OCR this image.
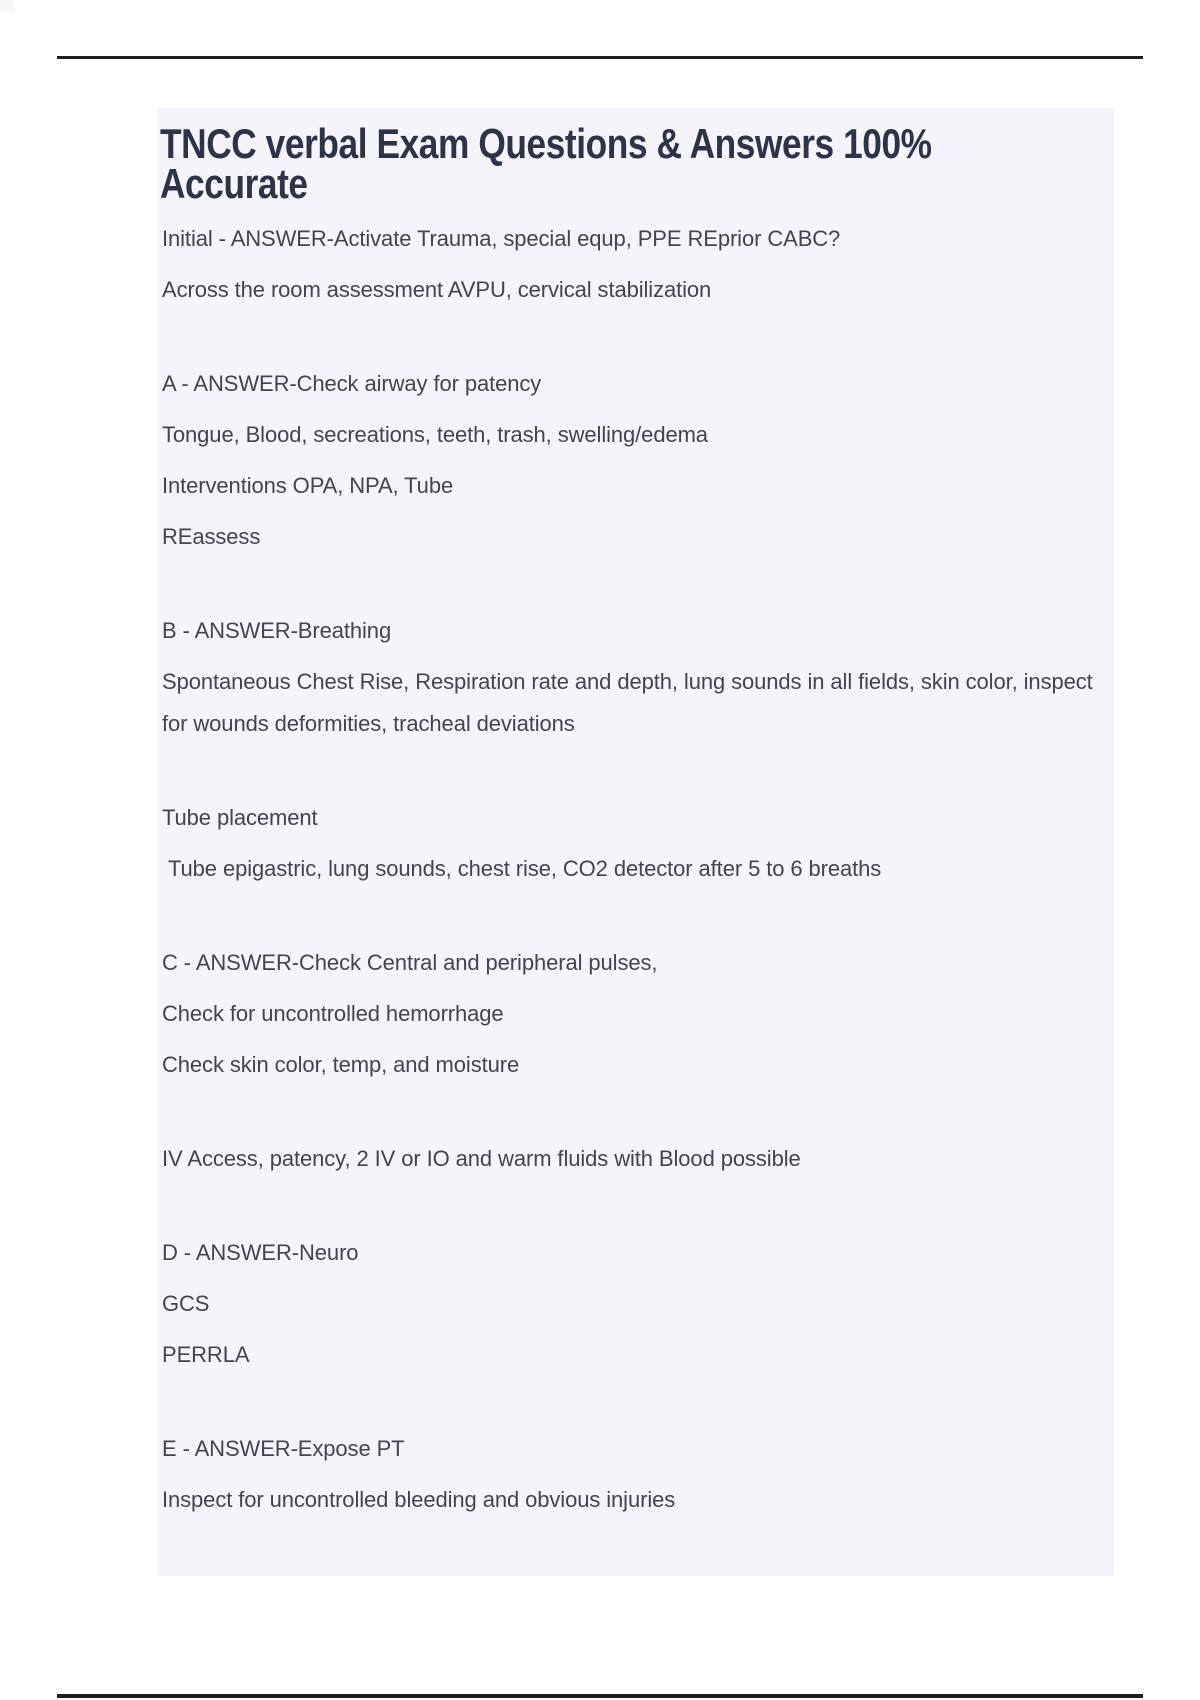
TNCC verbal Exam Questions & Answers 100% Accurate

Initial - ANSWER-Activate Trauma, special equp, PPE REprior CABC?

Across the room assessment AVPU, cervical stabilization

A - ANSWER-Check airway for patency

Tongue, Blood, secreations, teeth, trash, swelling/edema

Interventions OPA, NPA, Tube

REassess

B - ANSWER-Breathing

Spontaneous Chest Rise, Respiration rate and depth, lung sounds in all fields, skin color, inspect for wounds deformities, tracheal deviations

Tube placement

Tube epigastric, lung sounds, chest rise, CO2 detector after 5 to 6 breaths

C - ANSWER-Check Central and peripheral pulses,

Check for uncontrolled hemorrhage

Check skin color, temp, and moisture

IV Access, patency, 2 IV or IO and warm fluids with Blood possible

D - ANSWER-Neuro

GCS

PERRLA

E - ANSWER-Expose PT

Inspect for uncontrolled bleeding and obvious injuries
